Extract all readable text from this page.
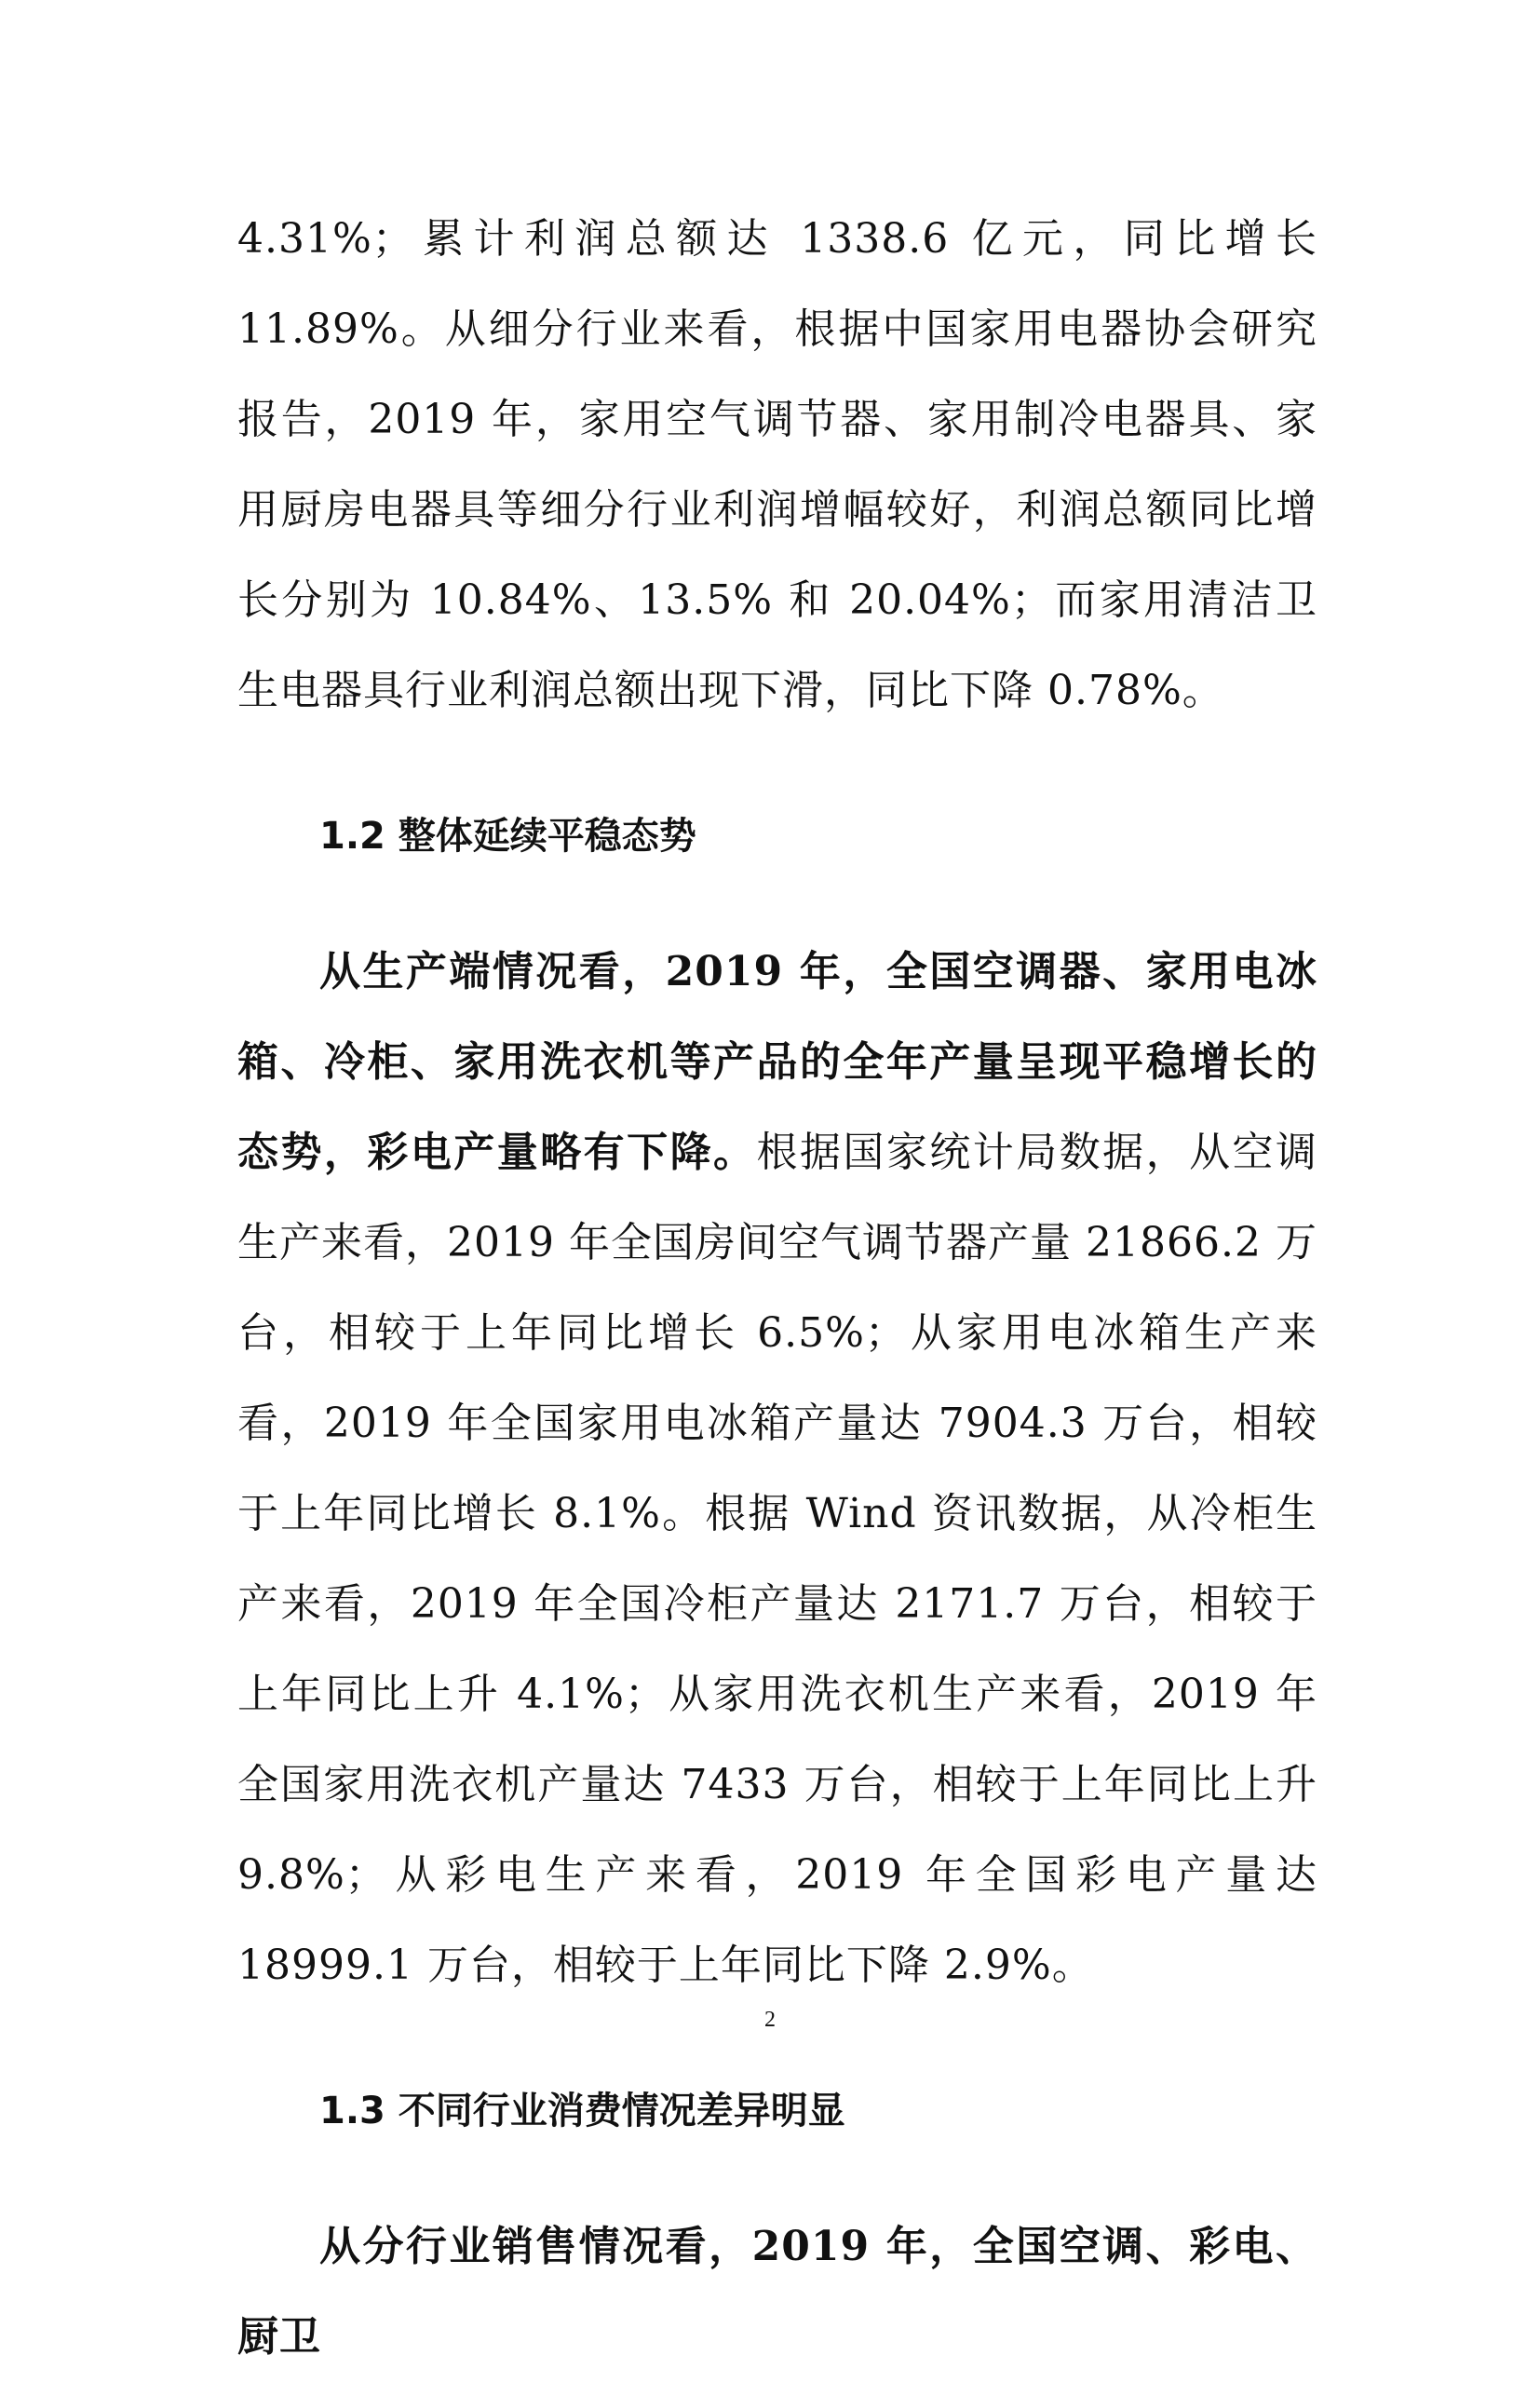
4.31%；累计利润总额达 1338.6 亿元，同比增长 11.89%。从细分行业来看，根据中国家用电器协会研究报告，2019 年，家用空气调节器、家用制冷电器具、家用厨房电器具等细分行业利润增幅较好，利润总额同比增长分别为 10.84%、13.5% 和 20.04%；而家用清洁卫生电器具行业利润总额出现下滑，同比下降 0.78%。

1.2 整体延续平稳态势

从生产端情况看，2019 年，全国空调器、家用电冰箱、冷柜、家用洗衣机等产品的全年产量呈现平稳增长的态势，彩电产量略有下降。根据国家统计局数据，从空调生产来看，2019 年全国房间空气调节器产量 21866.2 万台，相较于上年同比增长 6.5%；从家用电冰箱生产来看，2019 年全国家用电冰箱产量达 7904.3 万台，相较于上年同比增长 8.1%。根据 Wind 资讯数据，从冷柜生产来看，2019 年全国冷柜产量达 2171.7 万台，相较于上年同比上升 4.1%；从家用洗衣机生产来看，2019 年全国家用洗衣机产量达 7433 万台，相较于上年同比上升 9.8%；从彩电生产来看，2019 年全国彩电产量达 18999.1 万台，相较于上年同比下降 2.9%。

1.3 不同行业消费情况差异明显

从分行业销售情况看，2019 年，全国空调、彩电、厨卫

2
